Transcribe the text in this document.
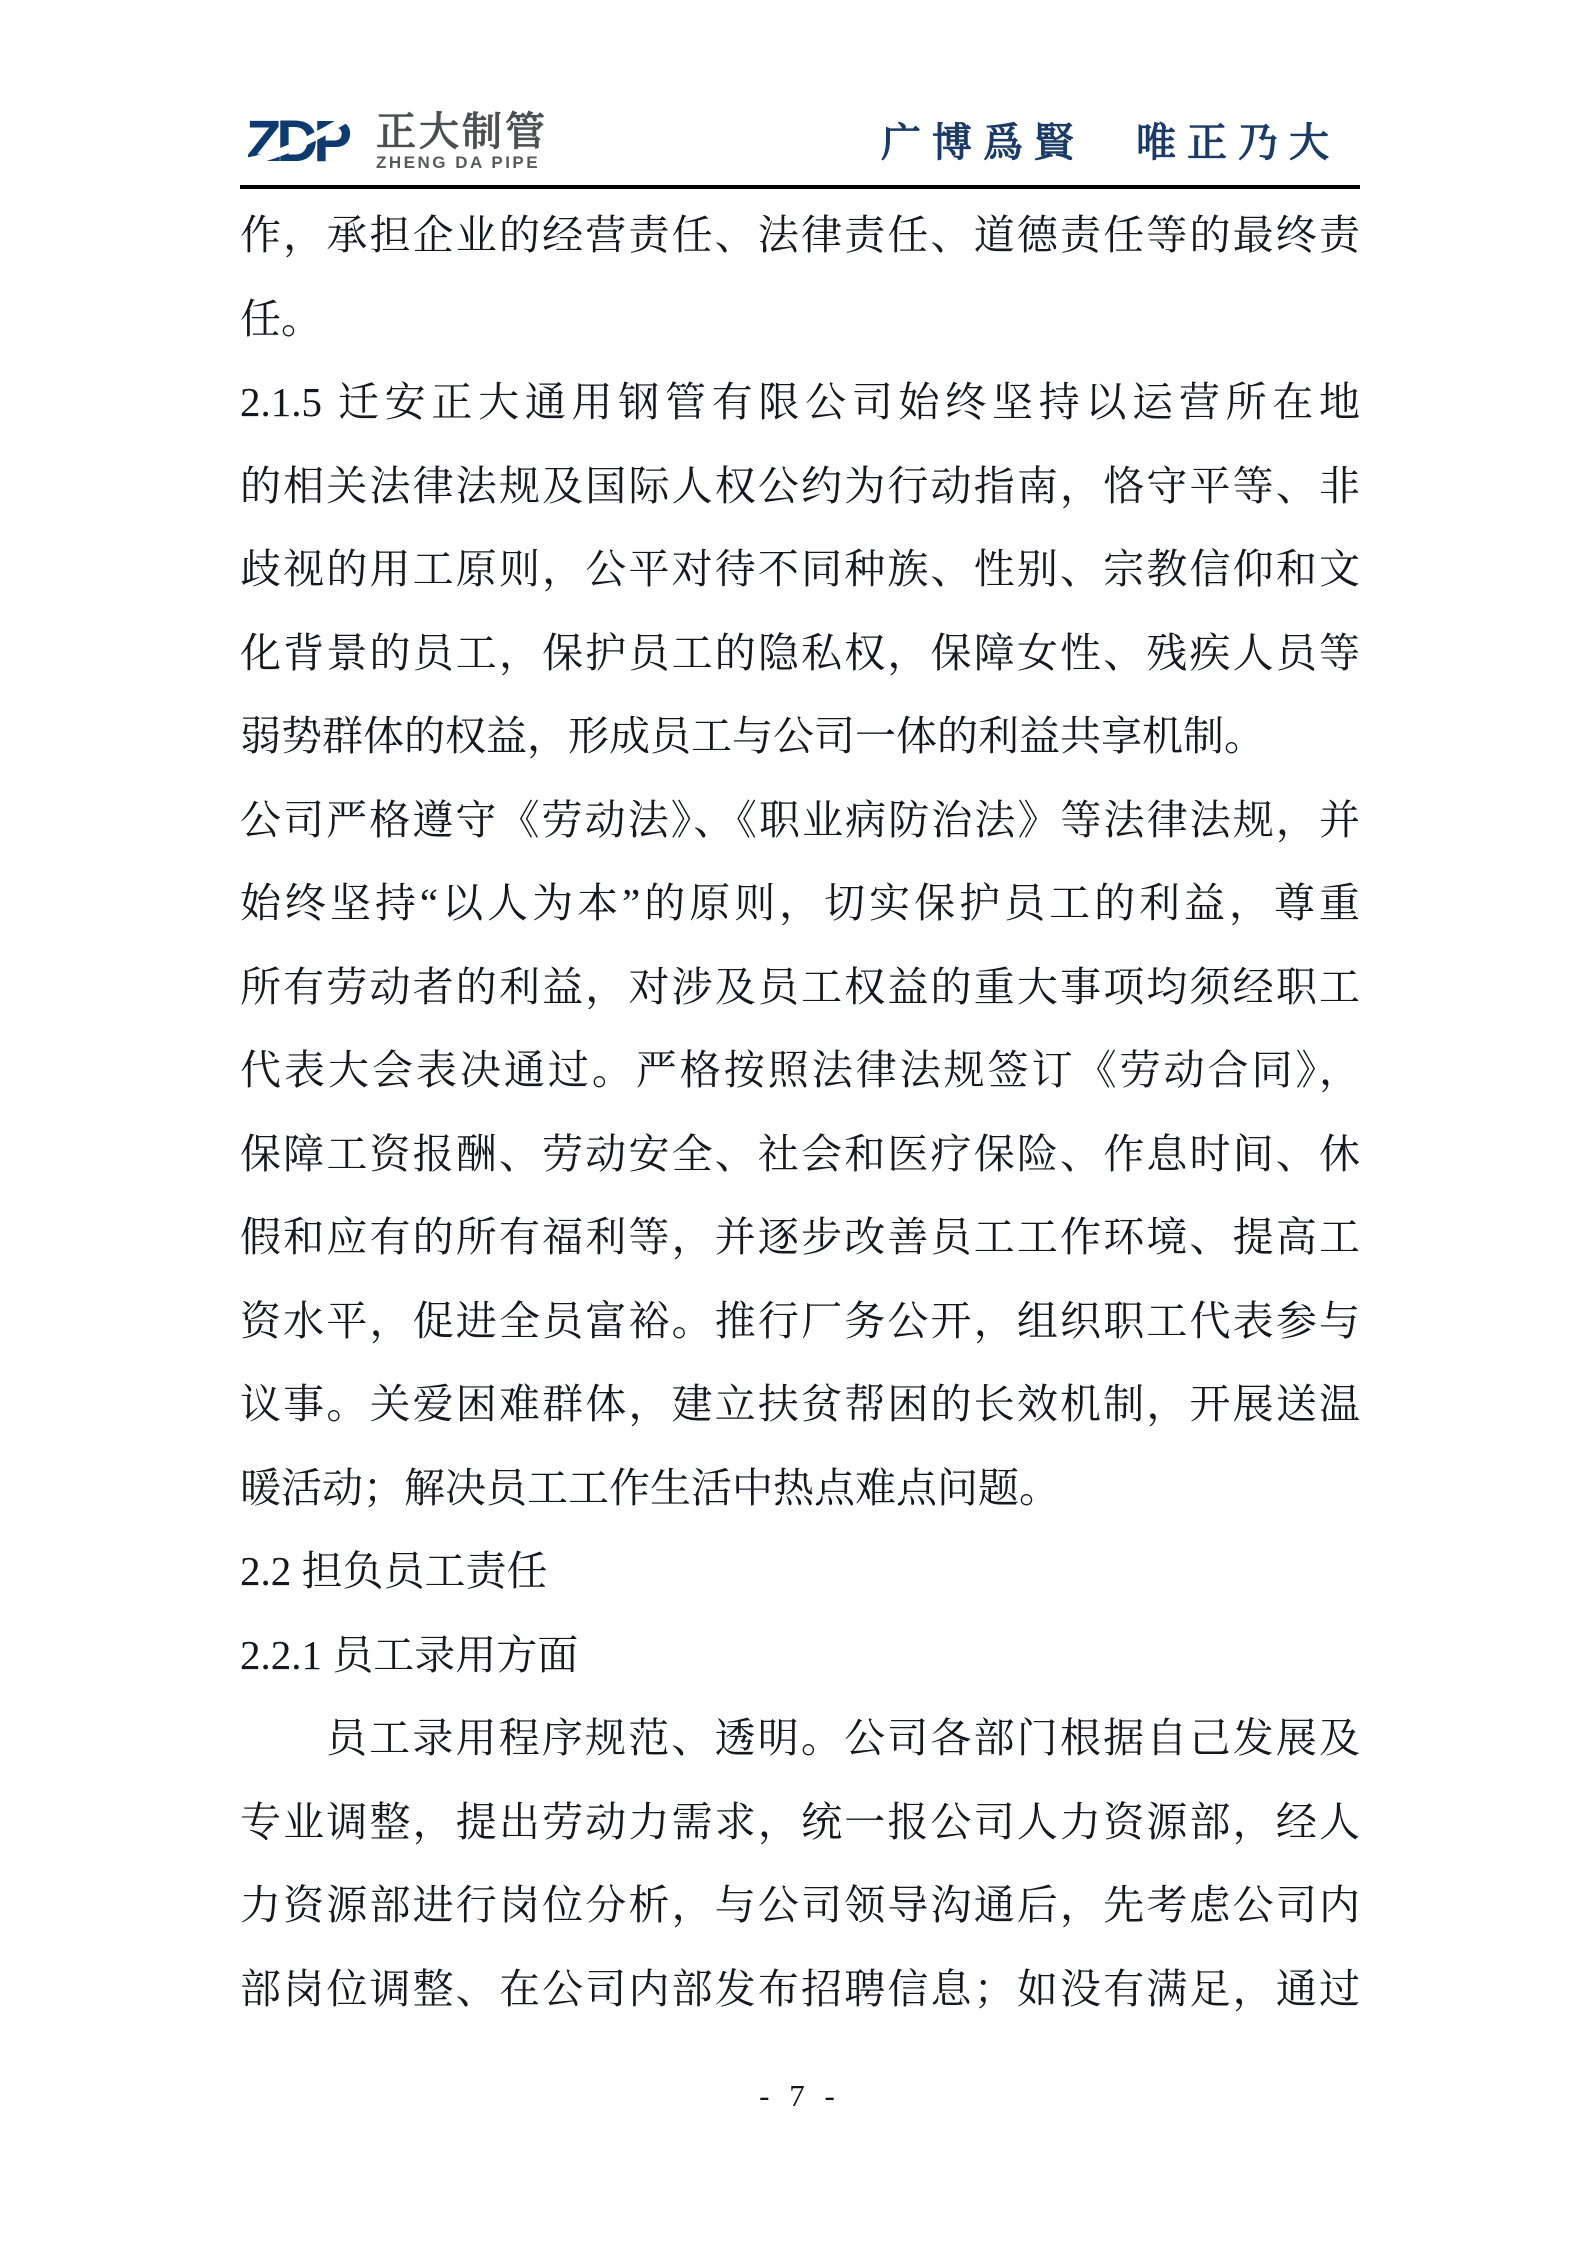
ZDP 正大制管
ZHENG DA PIPE	广博爲賢　唯正乃大
作，承担企业的经营责任、法律责任、道德责任等的最终责
任。
2.1.5 迁安正大通用钢管有限公司始终坚持以运营所在地
的相关法律法规及国际人权公约为行动指南，恪守平等、非
歧视的用工原则，公平对待不同种族、性别、宗教信仰和文
化背景的员工，保护员工的隐私权，保障女性、残疾人员等
弱势群体的权益，形成员工与公司一体的利益共享机制。
公司严格遵守《劳动法》、《职业病防治法》等法律法规，并
始终坚持“以人为本”的原则，切实保护员工的利益，尊重
所有劳动者的利益，对涉及员工权益的重大事项均须经职工
代表大会表决通过。严格按照法律法规签订《劳动合同》，
保障工资报酬、劳动安全、社会和医疗保险、作息时间、休
假和应有的所有福利等，并逐步改善员工工作环境、提高工
资水平，促进全员富裕。推行厂务公开，组织职工代表参与
议事。关爱困难群体，建立扶贫帮困的长效机制，开展送温
暖活动；解决员工工作生活中热点难点问题。
2.2 担负员工责任
2.2.1 员工录用方面
员工录用程序规范、透明。公司各部门根据自己发展及
专业调整，提出劳动力需求，统一报公司人力资源部，经人
力资源部进行岗位分析，与公司领导沟通后，先考虑公司内
部岗位调整、在公司内部发布招聘信息；如没有满足，通过
- 7 -
